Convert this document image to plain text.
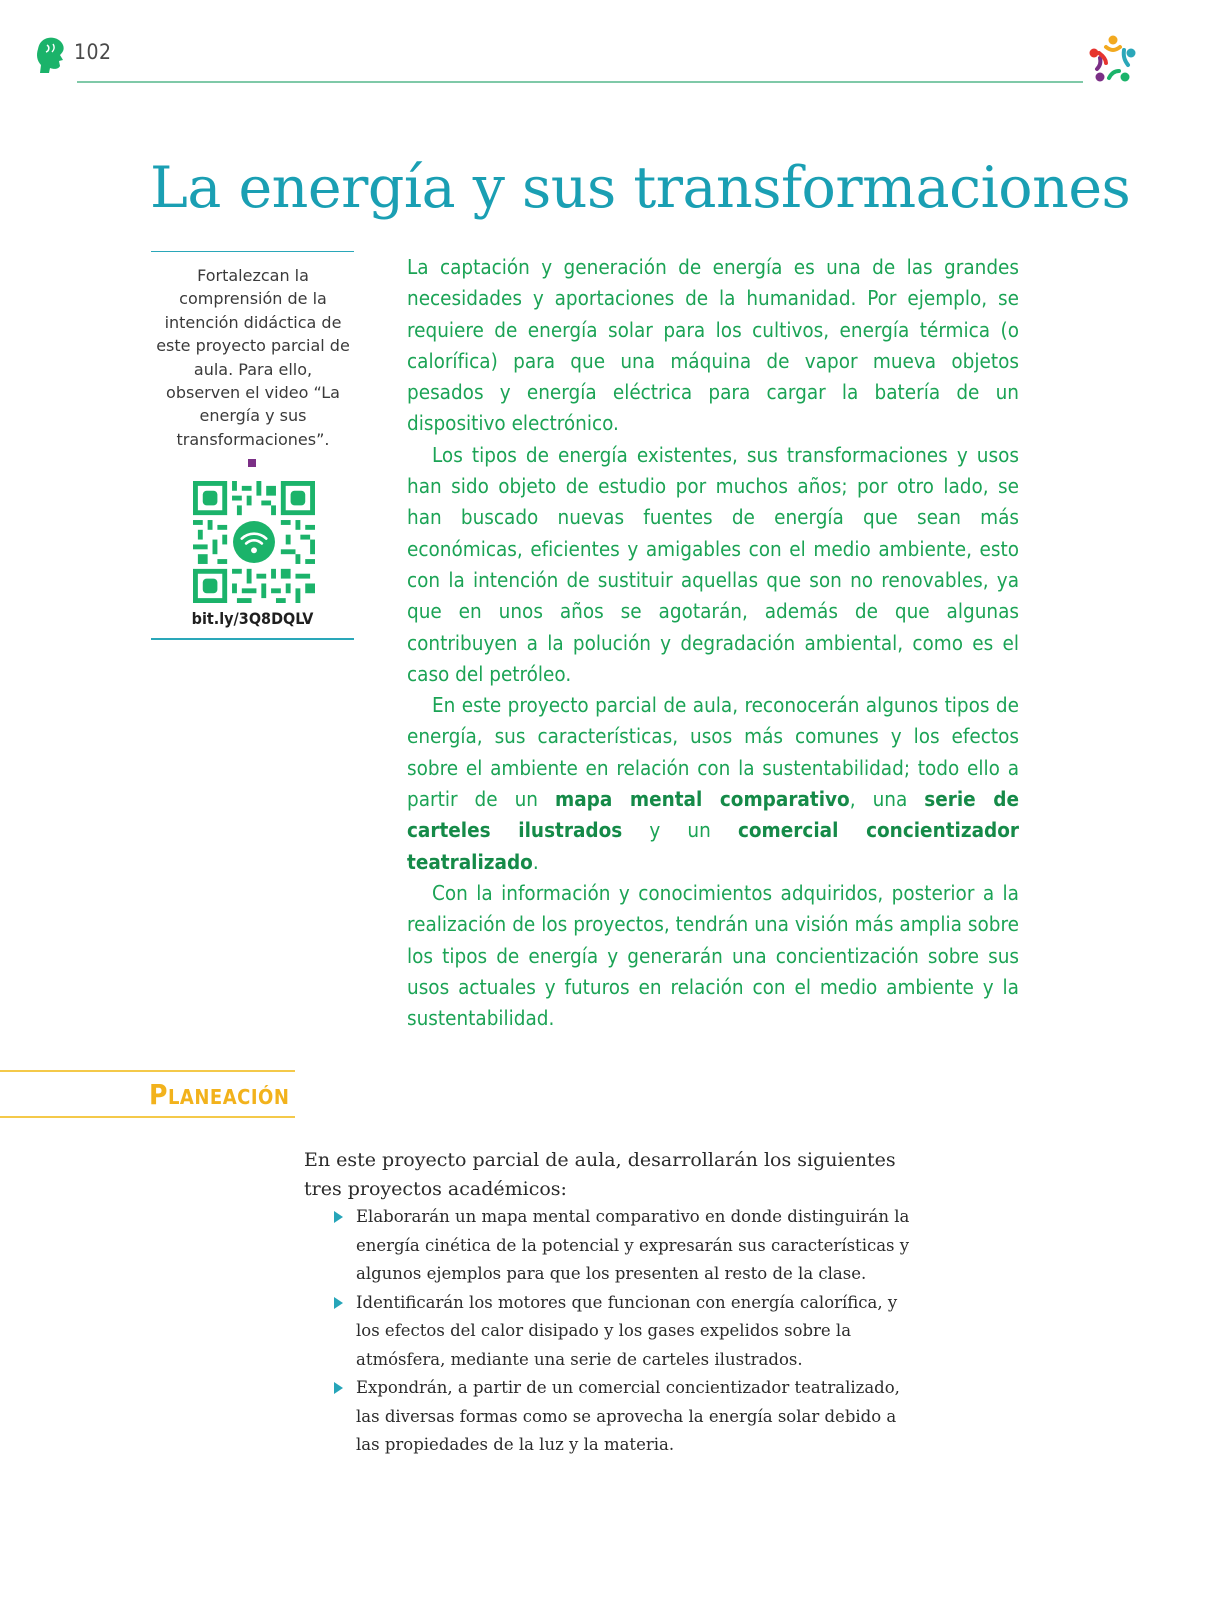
102
La energía y sus transformaciones

Fortalezcan la comprensión de la intención didáctica de este proyecto parcial de aula. Para ello, observen el video “La energía y sus transformaciones”.

bit.ly/3Q8DQLV

La captación y generación de energía es una de las grandes necesidades y aportaciones de la humanidad. Por ejemplo, se requiere de energía solar para los cultivos, energía térmica (o calorífica) para que una máquina de vapor mueva objetos pesados y energía eléctrica para cargar la batería de un dispositivo electrónico.

Los tipos de energía existentes, sus transformaciones y usos han sido objeto de estudio por muchos años; por otro lado, se han buscado nuevas fuentes de energía que sean más económicas, eficientes y amigables con el medio ambiente, esto con la intención de sustituir aquellas que son no renovables, ya que en unos años se agotarán, además de que algunas contribuyen a la polución y degradación ambiental, como es el caso del petróleo.

En este proyecto parcial de aula, reconocerán algunos tipos de energía, sus características, usos más comunes y los efectos sobre el ambiente en relación con la sustentabilidad; todo ello a partir de un mapa mental comparativo, una serie de carteles ilustrados y un comercial concientizador teatralizado.

Con la información y conocimientos adquiridos, posterior a la realización de los proyectos, tendrán una visión más amplia sobre los tipos de energía y generarán una concientización sobre sus usos actuales y futuros en relación con el medio ambiente y la sustentabilidad.

Planeación

En este proyecto parcial de aula, desarrollarán los siguientes tres proyectos académicos:

Elaborarán un mapa mental comparativo en donde distinguirán la energía cinética de la potencial y expresarán sus características y algunos ejemplos para que los presenten al resto de la clase.
Identificarán los motores que funcionan con energía calorífica, y los efectos del calor disipado y los gases expelidos sobre la atmósfera, mediante una serie de carteles ilustrados.
Expondrán, a partir de un comercial concientizador teatralizado, las diversas formas como se aprovecha la energía solar debido a las propiedades de la luz y la materia.
